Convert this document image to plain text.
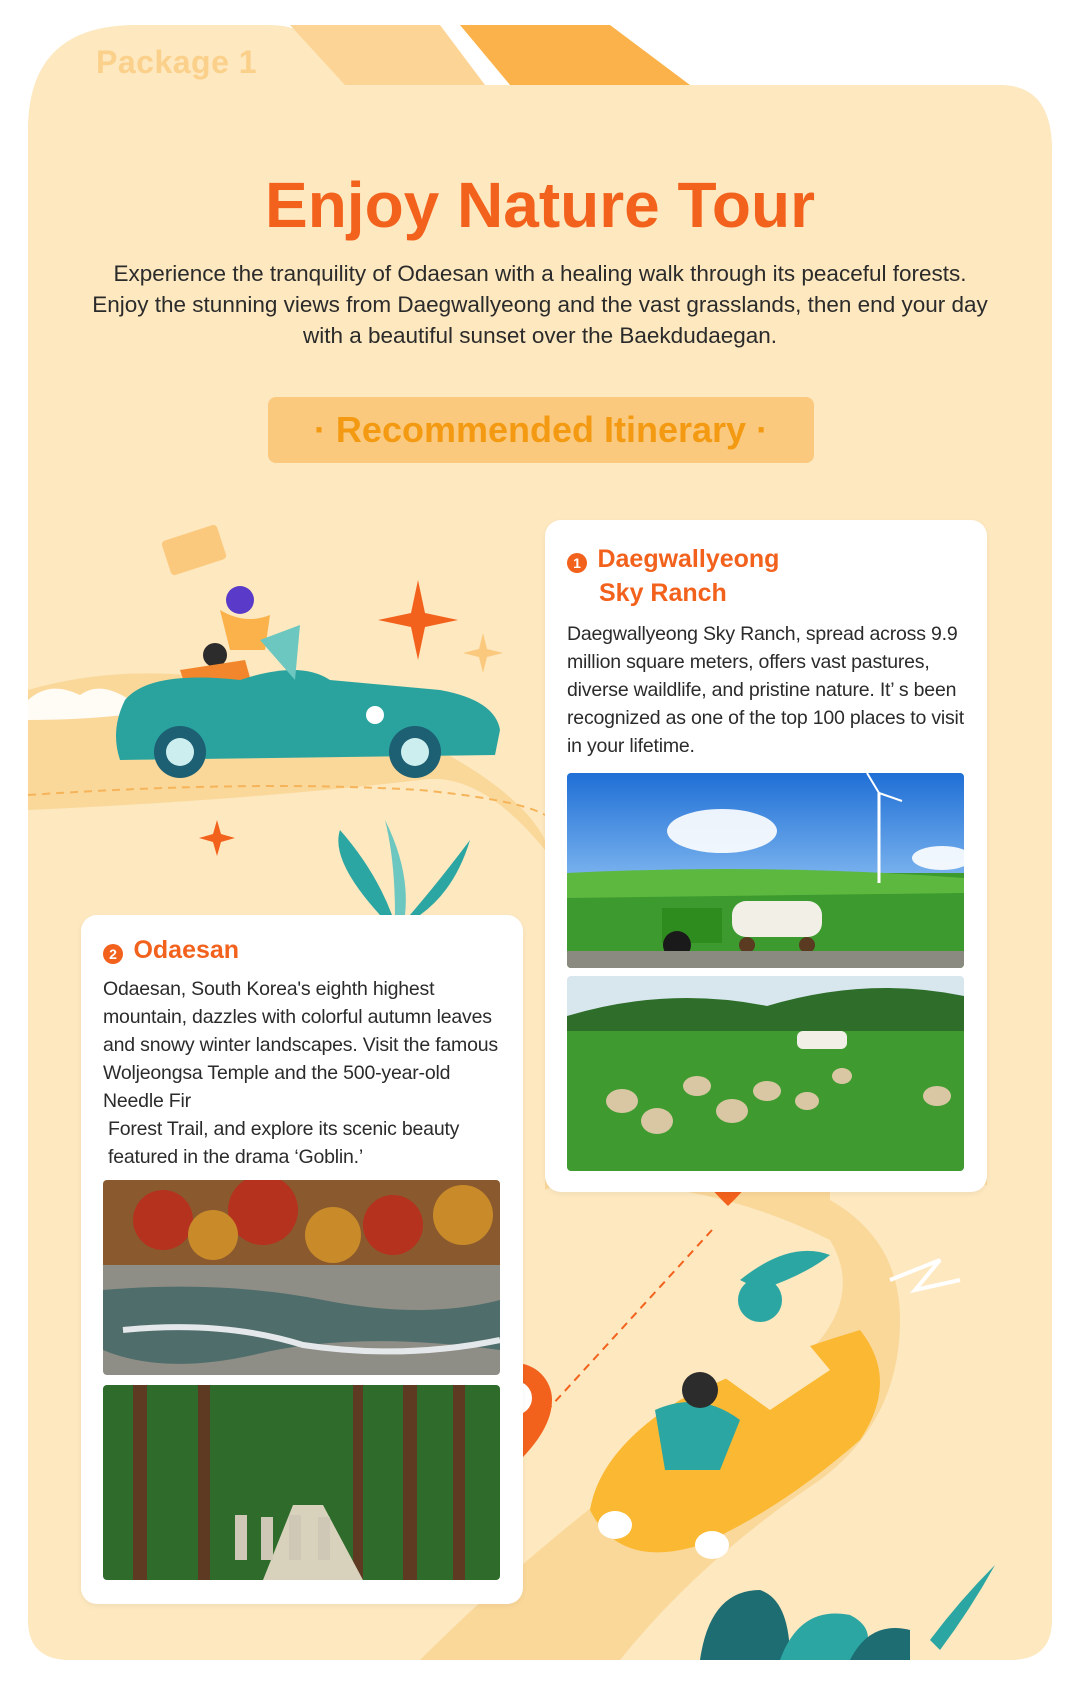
Package 1
Enjoy Nature Tour
Experience the tranquility of Odaesan with a healing walk through its peaceful forests. Enjoy the stunning views from Daegwallyeong and the vast grasslands, then end your day with a beautiful sunset over the Baekdudaegan.
· Recommended Itinerary ·
1 Daegwallyeong
Sky Ranch
Daegwallyeong Sky Ranch, spread across 9.9 million square meters, offers vast pastures, diverse waildlife, and pristine nature. It’ s been recognized as one of the top 100 places to visit in your lifetime.
2 Odaesan
Odaesan, South Korea's eighth highest mountain, dazzles with colorful autumn leaves and snowy winter landscapes. Visit the famous Woljeongsa Temple and the 500-year-old Needle Fir
Forest Trail, and explore its scenic beauty featured in the drama ‘Goblin.’
